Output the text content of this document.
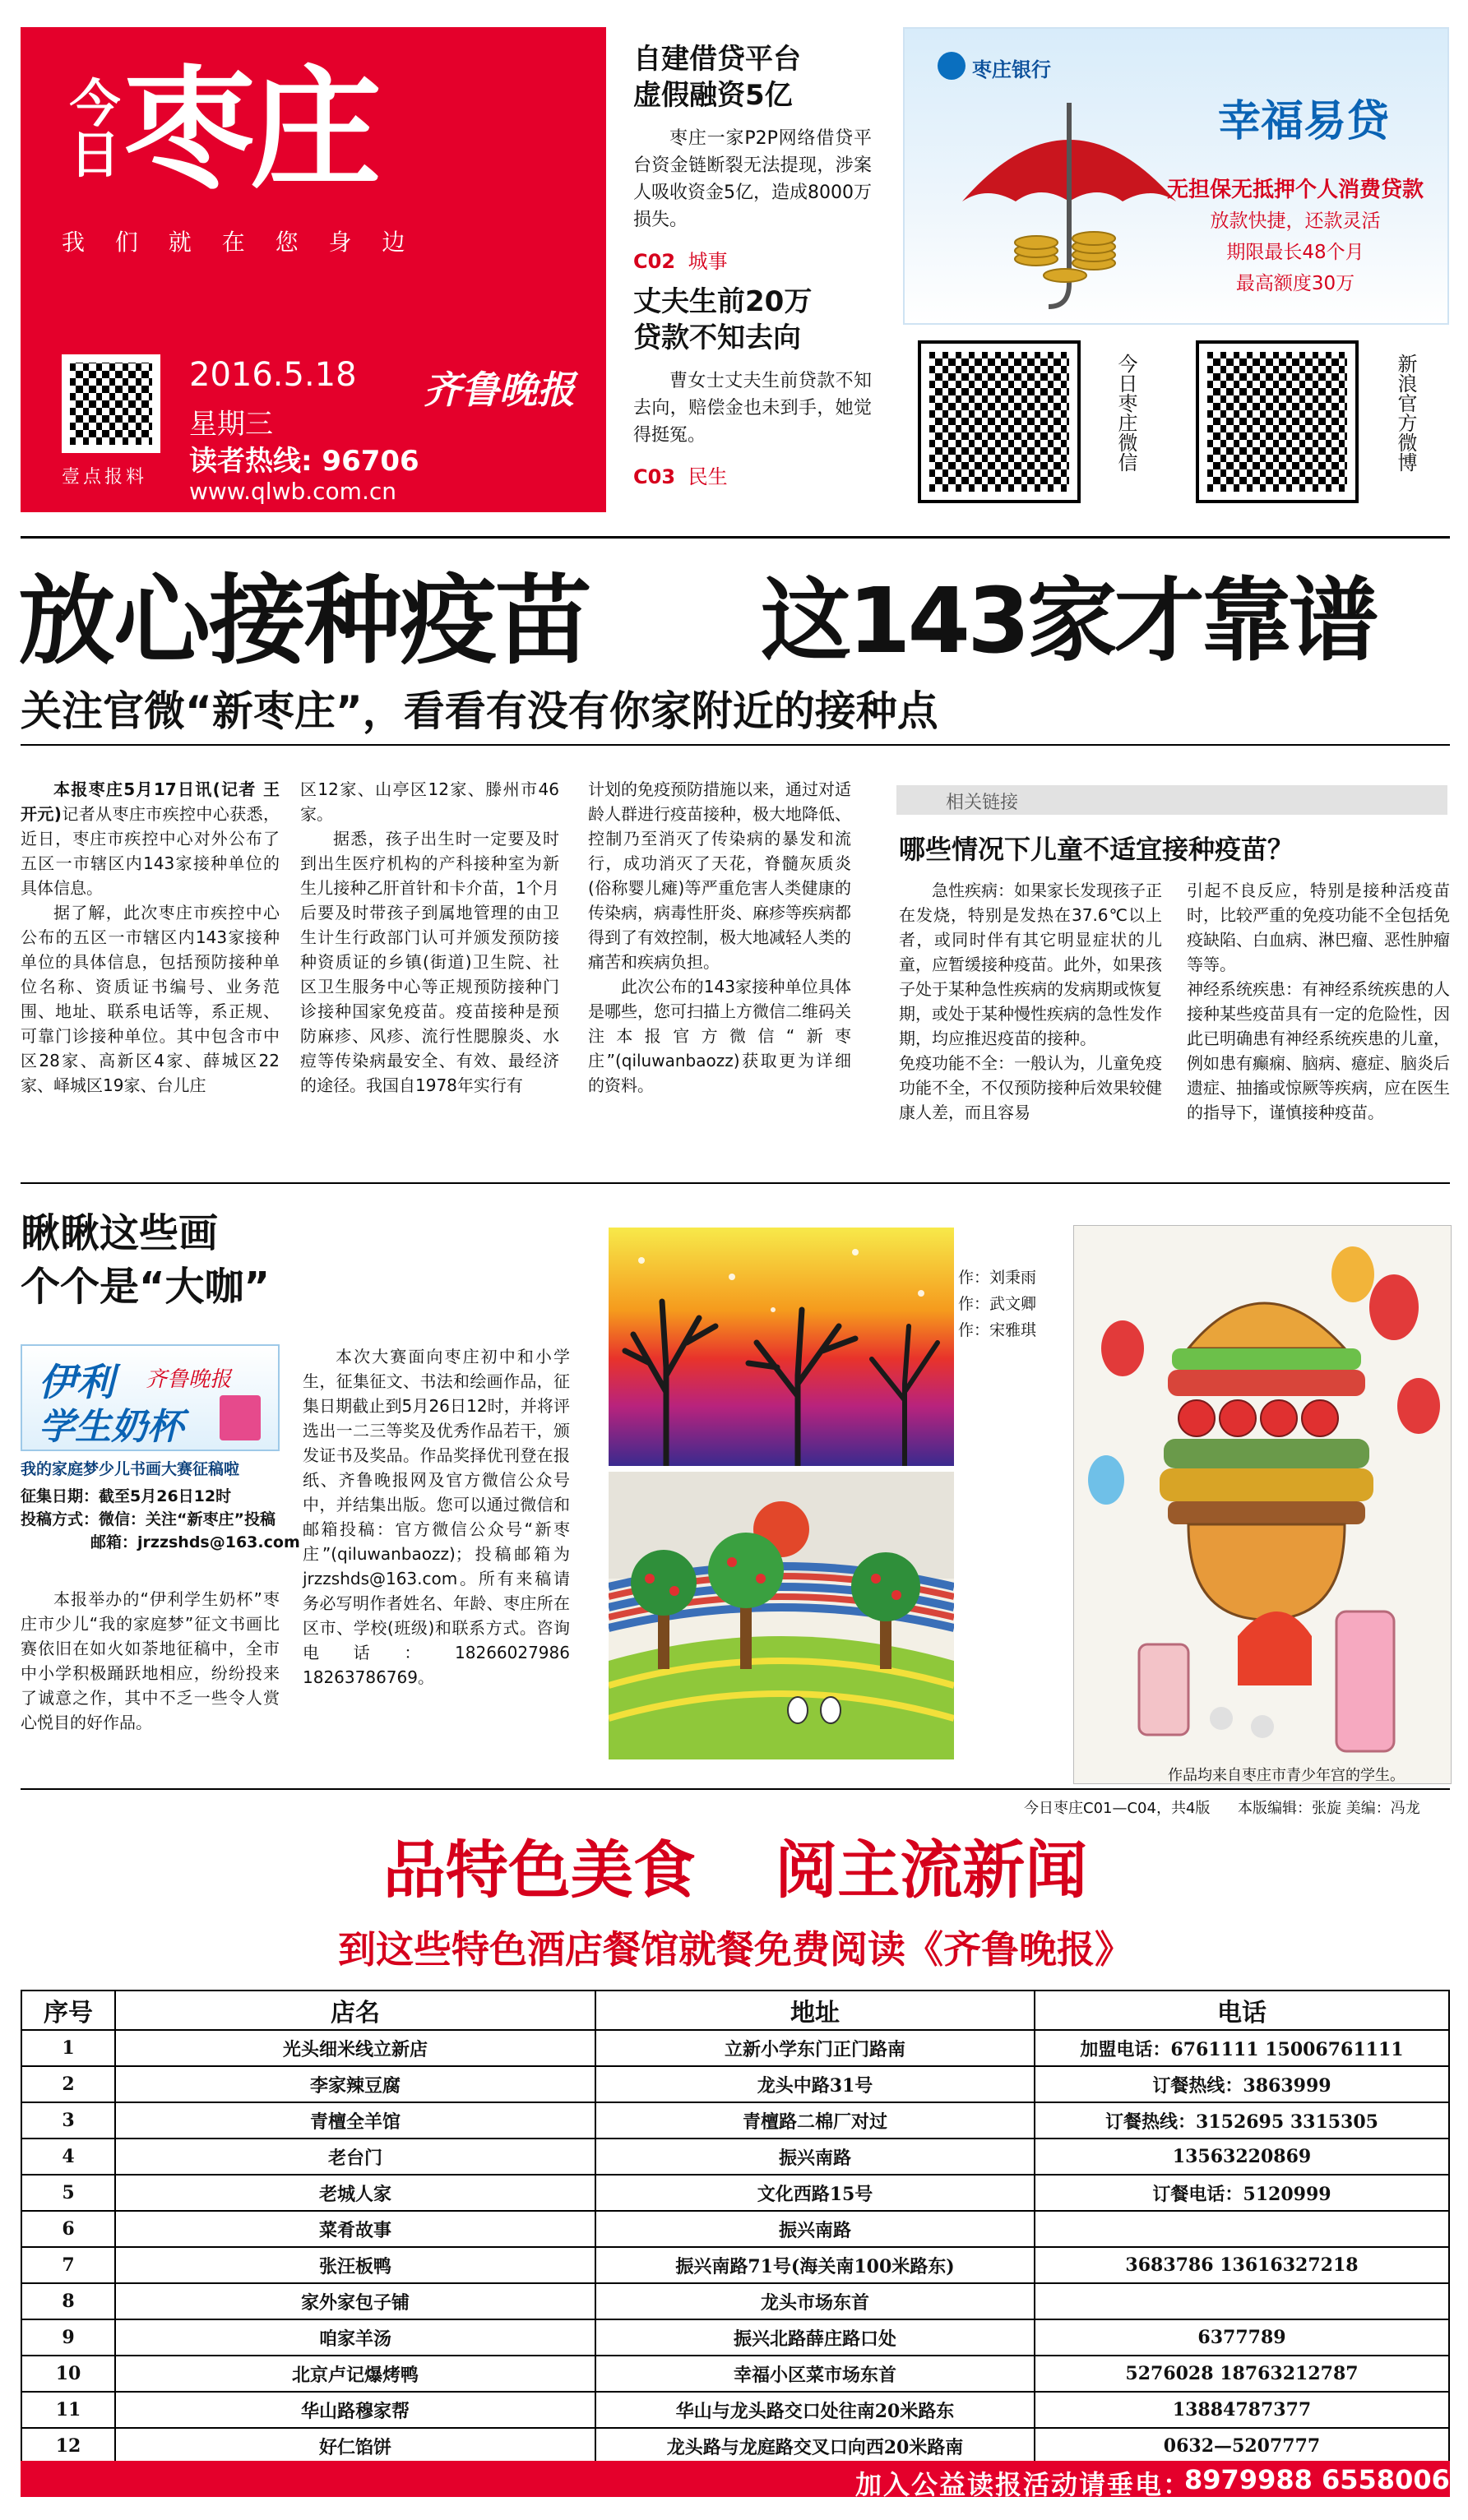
今日 枣庄
我 们 就 在 您 身 边
壹点报料
2016.5.18
星期三
齐鲁晚报
读者热线: 96706
www.qlwb.com.cn
自建借贷平台
虚假融资5亿
枣庄一家P2P网络借贷平台资金链断裂无法提现，涉案人吸收资金5亿，造成8000万损失。
C02 城事
丈夫生前20万
贷款不知去向
曹女士丈夫生前贷款不知去向，赔偿金也未到手，她觉得挺冤。
C03 民生
枣庄银行
幸福易贷
无担保无抵押个人消费贷款
放款快捷，还款灵活
期限最长48个月
最高额度30万
今日枣庄微信	新浪官方微博
放心接种疫苗 这143家才靠谱
关注官微“新枣庄”，看看有没有你家附近的接种点

本报枣庄5月17日讯(记者 王开元)记者从枣庄市疾控中心获悉，近日，枣庄市疾控中心对外公布了五区一市辖区内143家接种单位的具体信息。

据了解，此次枣庄市疾控中心公布的五区一市辖区内143家接种单位的具体信息，包括预防接种单位名称、资质证书编号、业务范围、地址、联系电话等，系正规、可靠门诊接种单位。其中包含市中区28家、高新区4家、薛城区22家、峄城区19家、台儿庄

区12家、山亭区12家、滕州市46家。

据悉，孩子出生时一定要及时到出生医疗机构的产科接种室为新生儿接种乙肝首针和卡介苗，1个月后要及时带孩子到属地管理的由卫生计生行政部门认可并颁发预防接种资质证的乡镇(街道)卫生院、社区卫生服务中心等正规预防接种门诊接种国家免疫苗。疫苗接种是预防麻疹、风疹、流行性腮腺炎、水痘等传染病最安全、有效、最经济的途径。我国自1978年实行有

计划的免疫预防措施以来，通过对适龄人群进行疫苗接种，极大地降低、控制乃至消灭了传染病的暴发和流行，成功消灭了天花，脊髓灰质炎(俗称婴儿瘫)等严重危害人类健康的传染病，病毒性肝炎、麻疹等疾病都得到了有效控制，极大地减轻人类的痛苦和疾病负担。

此次公布的143家接种单位具体是哪些，您可扫描上方微信二维码关注本报官方微信“新枣庄”(qiluwanbaozz)获取更为详细的资料。

相关链接
哪些情况下儿童不适宜接种疫苗？
急性疾病：如果家长发现孩子正在发烧，特别是发热在37.6℃以上者，或同时伴有其它明显症状的儿童，应暂缓接种疫苗。此外，如果孩子处于某种急性疾病的发病期或恢复期，或处于某种慢性疾病的急性发作期，均应推迟疫苗的接种。
免疫功能不全：一般认为，儿童免疫功能不全，不仅预防接种后效果较健康人差，而且容易
引起不良反应，特别是接种活疫苗时，比较严重的免疫功能不全包括免疫缺陷、白血病、淋巴瘤、恶性肿瘤等等。
神经系统疾患：有神经系统疾患的人接种某些疫苗具有一定的危险性，因此已明确患有神经系统疾患的儿童，例如患有癫痫、脑病、癔症、脑炎后遗症、抽搐或惊厥等疾病，应在医生的指导下，谨慎接种疫苗。
瞅瞅这些画
个个是“大咖”
伊利
学生奶杯
齐鲁晚报
我的家庭梦少儿书画大赛征稿啦
征集日期：截至5月26日12时
投稿方式：微信：关注“新枣庄”投稿
邮箱：jrzzshds@163.com

本报举办的“伊利学生奶杯”枣庄市少儿“我的家庭梦”征文书画比赛依旧在如火如荼地征稿中，全市中小学积极踊跃地相应，纷纷投来了诚意之作，其中不乏一些令人赏心悦目的好作品。

本次大赛面向枣庄初中和小学生，征集征文、书法和绘画作品，征集日期截止到5月26日12时，并将评选出一二三等奖及优秀作品若干，颁发证书及奖品。作品奖择优刊登在报纸、齐鲁晚报网及官方微信公众号中，并结集出版。您可以通过微信和邮箱投稿：官方微信公众号“新枣庄”(qiluwanbaozz)；投稿邮箱为jrzzshds@163.com。所有来稿请务必写明作者姓名、年龄、枣庄所在区市、学校(班级)和联系方式。咨询电话：18266027986 18263786769。

作：刘秉雨
作：武文卿
作：宋雅琪
作品均来自枣庄市青少年宫的学生。
今日枣庄C01—C04，共4版 本版编辑：张旋 美编：冯龙
品特色美食 阅主流新闻
到这些特色酒店餐馆就餐免费阅读《齐鲁晚报》
序号	店名	地址	电话
1	光头细米线立新店	立新小学东门正门路南	加盟电话：6761111 15006761111
2	李家辣豆腐	龙头中路31号	订餐热线：3863999
3	青檀全羊馆	青檀路二棉厂对过	订餐热线：3152695 3315305
4	老台门	振兴南路	13563220869
5	老城人家	文化西路15号	订餐电话：5120999
6	菜肴故事	振兴南路	
7	张汪板鸭	振兴南路71号(海关南100米路东)	3683786 13616327218
8	家外家包子铺	龙头市场东首	
9	咱家羊汤	振兴北路薛庄路口处	6377789
10	北京卢记爆烤鸭	幸福小区菜市场东首	5276028 18763212787
11	华山路穆家帮	华山与龙头路交口处往南20米路东	13884787377
12	好仁馅饼	龙头路与龙庭路交叉口向西20米路南	0632—5207777
加入公益读报活动请垂电：
8979988 6558006
